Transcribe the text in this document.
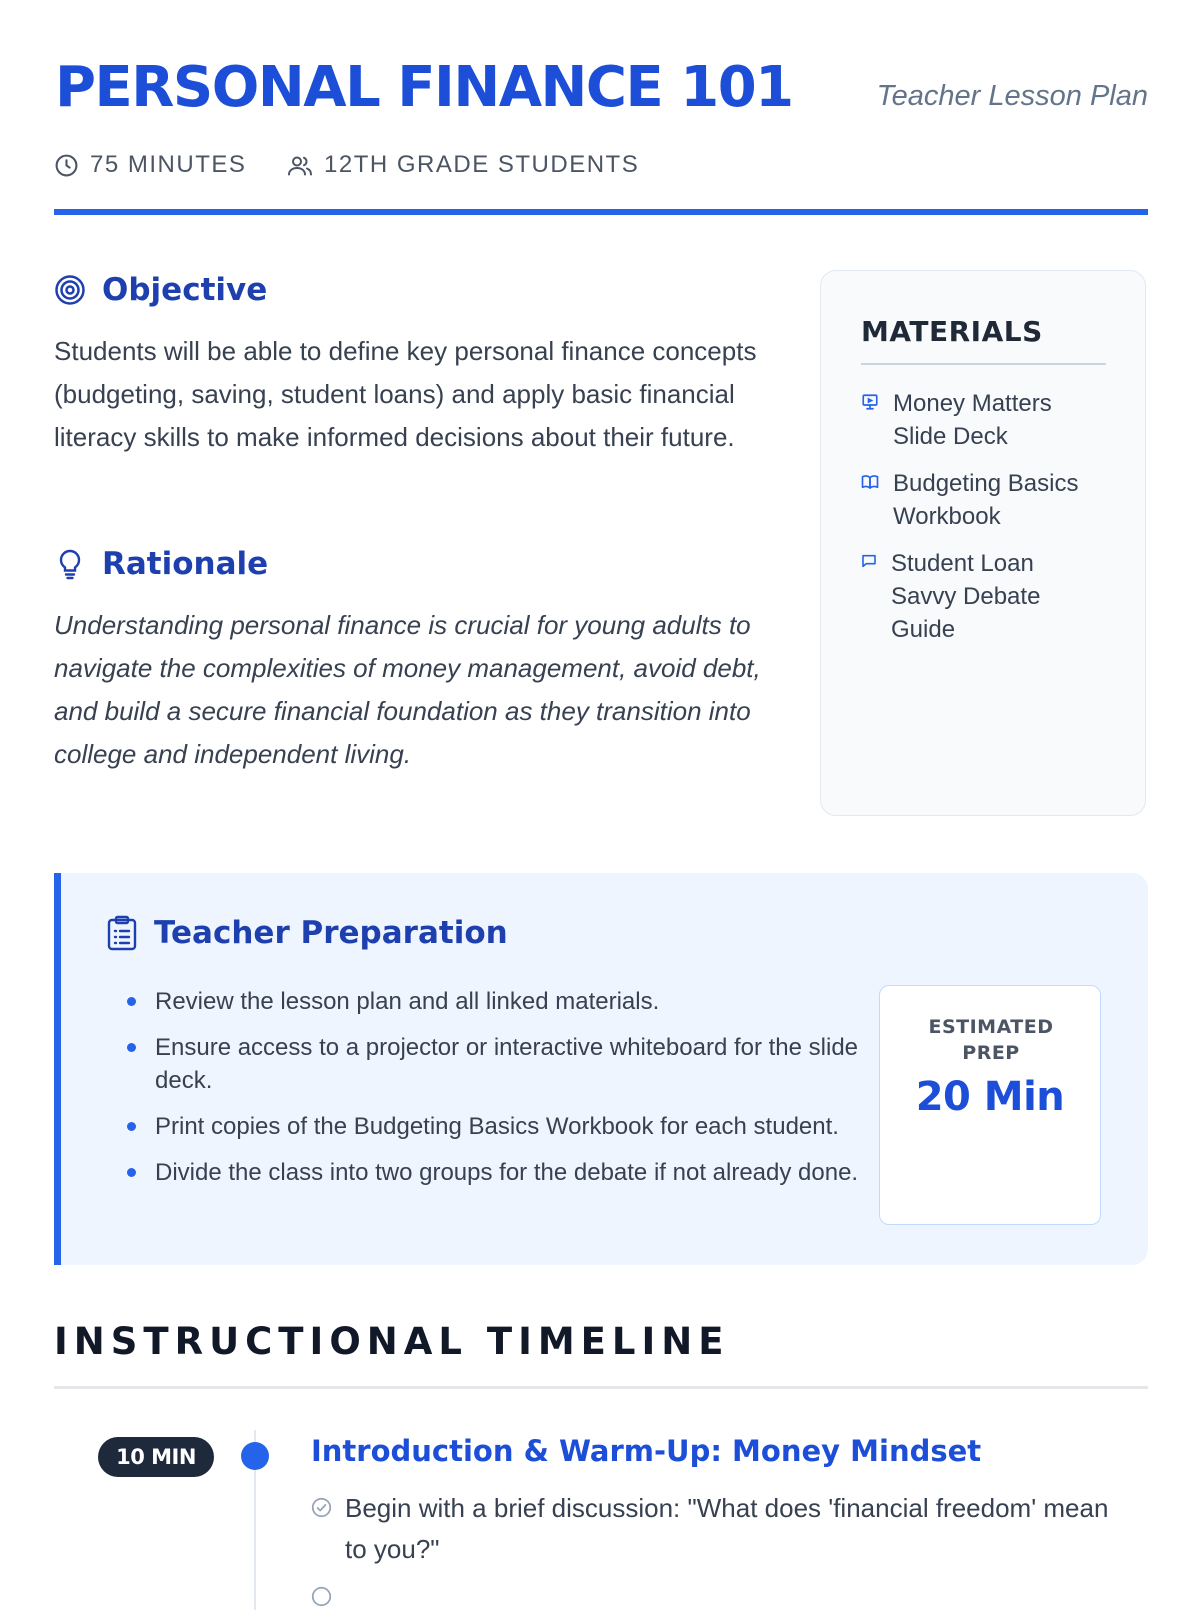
PERSONAL FINANCE 101	Teacher Lesson Plan
75 MINUTES	12TH GRADE STUDENTS
Objective
Students will be able to define key personal finance concepts (budgeting, saving, student loans) and apply basic financial literacy skills to make informed decisions about their future.
Rationale
Understanding personal finance is crucial for young adults to navigate the complexities of money management, avoid debt, and build a secure financial foundation as they transition into college and independent living.
MATERIALS
Money Matters Slide Deck
Budgeting Basics Workbook
Student Loan Savvy Debate Guide
Teacher Preparation
Review the lesson plan and all linked materials.
Ensure access to a projector or interactive whiteboard for the slide deck.
Print copies of the Budgeting Basics Workbook for each student.
Divide the class into two groups for the debate if not already done.
ESTIMATED PREP
20 Min
INSTRUCTIONAL TIMELINE
10 MIN	Introduction & Warm-Up: Money Mindset
Begin with a brief discussion: "What does 'financial freedom' mean to you?"
